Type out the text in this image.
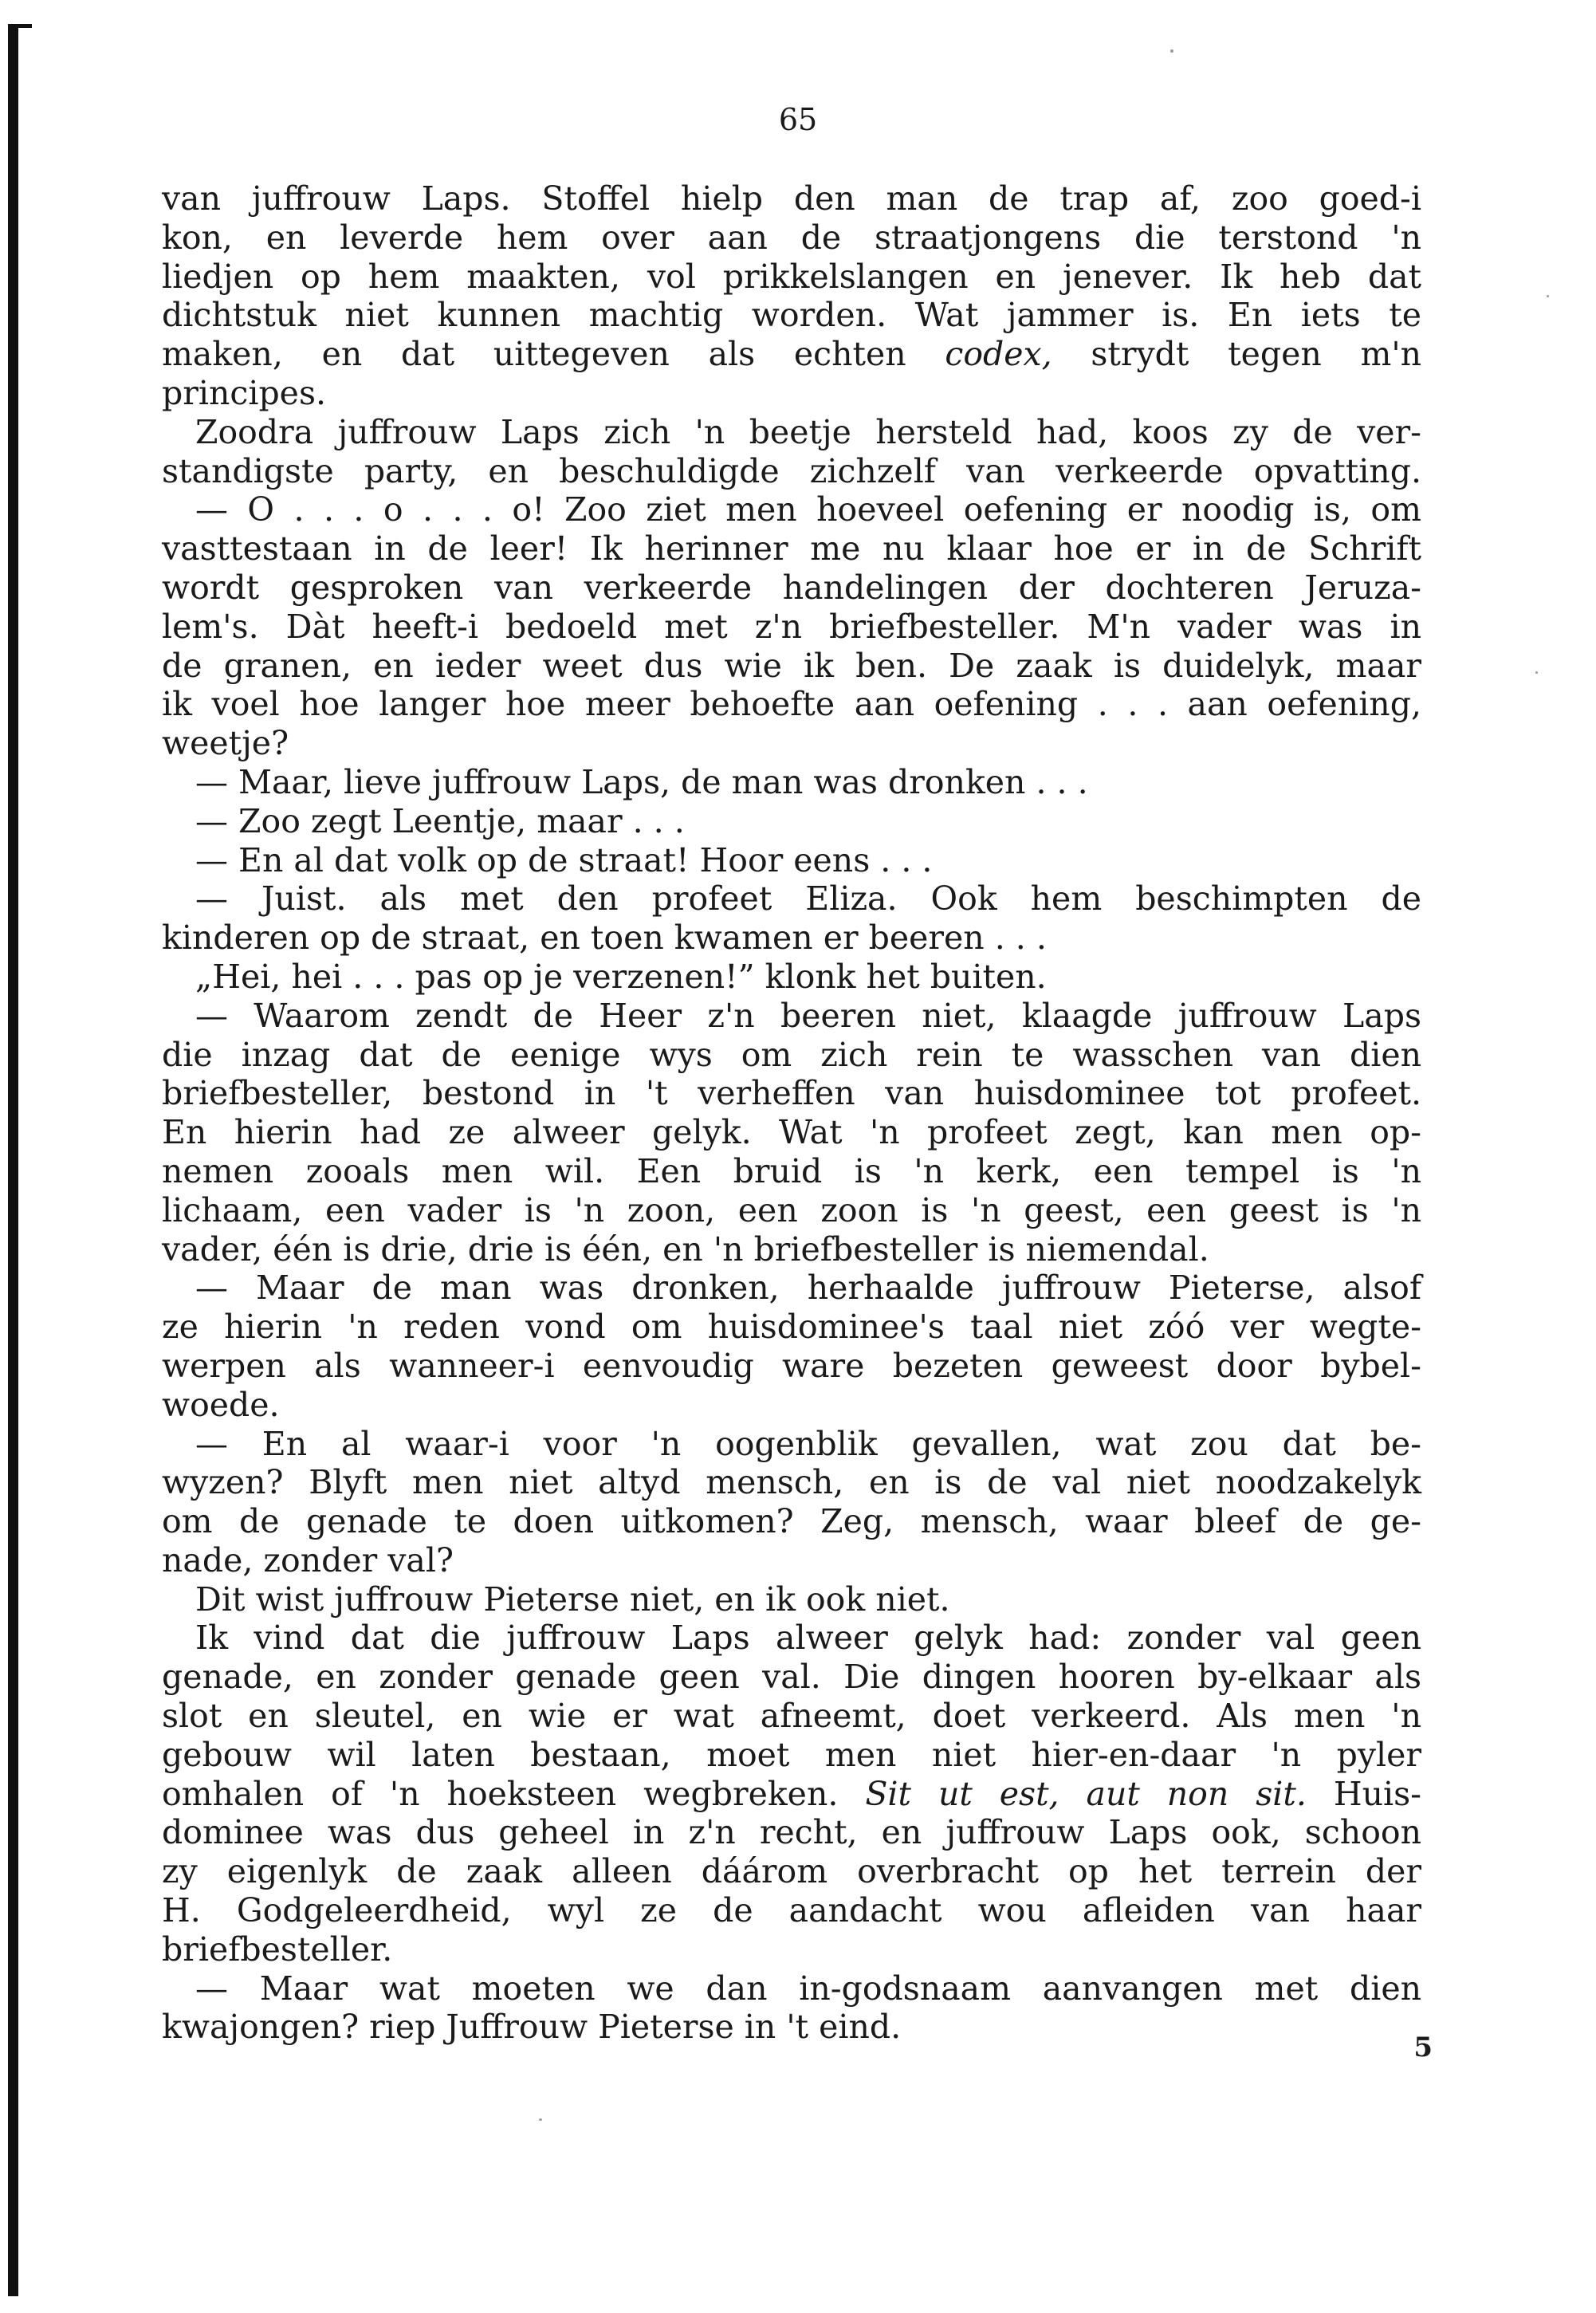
65
van juffrouw Laps. Stoffel hielp den man de trap af, zoo goed-i
kon, en leverde hem over aan de straatjongens die terstond 'n
liedjen op hem maakten, vol prikkelslangen en jenever. Ik heb dat
dichtstuk niet kunnen machtig worden. Wat jammer is. En iets te
maken, en dat uittegeven als echten codex, strydt tegen m'n
principes.
Zoodra juffrouw Laps zich 'n beetje hersteld had, koos zy de ver-
standigste party, en beschuldigde zichzelf van verkeerde opvatting.
— O . . . o . . . o! Zoo ziet men hoeveel oefening er noodig is, om
vasttestaan in de leer! Ik herinner me nu klaar hoe er in de Schrift
wordt gesproken van verkeerde handelingen der dochteren Jeruza-
lem's. Dàt heeft-i bedoeld met z'n briefbesteller. M'n vader was in
de granen, en ieder weet dus wie ik ben. De zaak is duidelyk, maar
ik voel hoe langer hoe meer behoefte aan oefening . . . aan oefening,
weetje?
— Maar, lieve juffrouw Laps, de man was dronken . . .
— Zoo zegt Leentje, maar . . .
— En al dat volk op de straat! Hoor eens . . .
— Juist. als met den profeet Eliza. Ook hem beschimpten de
kinderen op de straat, en toen kwamen er beeren . . .
„Hei, hei . . . pas op je verzenen!” klonk het buiten.
— Waarom zendt de Heer z'n beeren niet, klaagde juffrouw Laps
die inzag dat de eenige wys om zich rein te wasschen van dien
briefbesteller, bestond in 't verheffen van huisdominee tot profeet.
En hierin had ze alweer gelyk. Wat 'n profeet zegt, kan men op-
nemen zooals men wil. Een bruid is 'n kerk, een tempel is 'n
lichaam, een vader is 'n zoon, een zoon is 'n geest, een geest is 'n
vader, één is drie, drie is één, en 'n briefbesteller is niemendal.
— Maar de man was dronken, herhaalde juffrouw Pieterse, alsof
ze hierin 'n reden vond om huisdominee's taal niet zóó ver wegte-
werpen als wanneer-i eenvoudig ware bezeten geweest door bybel-
woede.
— En al waar-i voor 'n oogenblik gevallen, wat zou dat be-
wyzen? Blyft men niet altyd mensch, en is de val niet noodzakelyk
om de genade te doen uitkomen? Zeg, mensch, waar bleef de ge-
nade, zonder val?
Dit wist juffrouw Pieterse niet, en ik ook niet.
Ik vind dat die juffrouw Laps alweer gelyk had: zonder val geen
genade, en zonder genade geen val. Die dingen hooren by-elkaar als
slot en sleutel, en wie er wat afneemt, doet verkeerd. Als men 'n
gebouw wil laten bestaan, moet men niet hier-en-daar 'n pyler
omhalen of 'n hoeksteen wegbreken. Sit ut est, aut non sit. Huis-
dominee was dus geheel in z'n recht, en juffrouw Laps ook, schoon
zy eigenlyk de zaak alleen dáárom overbracht op het terrein der
H. Godgeleerdheid, wyl ze de aandacht wou afleiden van haar
briefbesteller.
— Maar wat moeten we dan in-godsnaam aanvangen met dien
kwajongen? riep Juffrouw Pieterse in 't eind.
5
